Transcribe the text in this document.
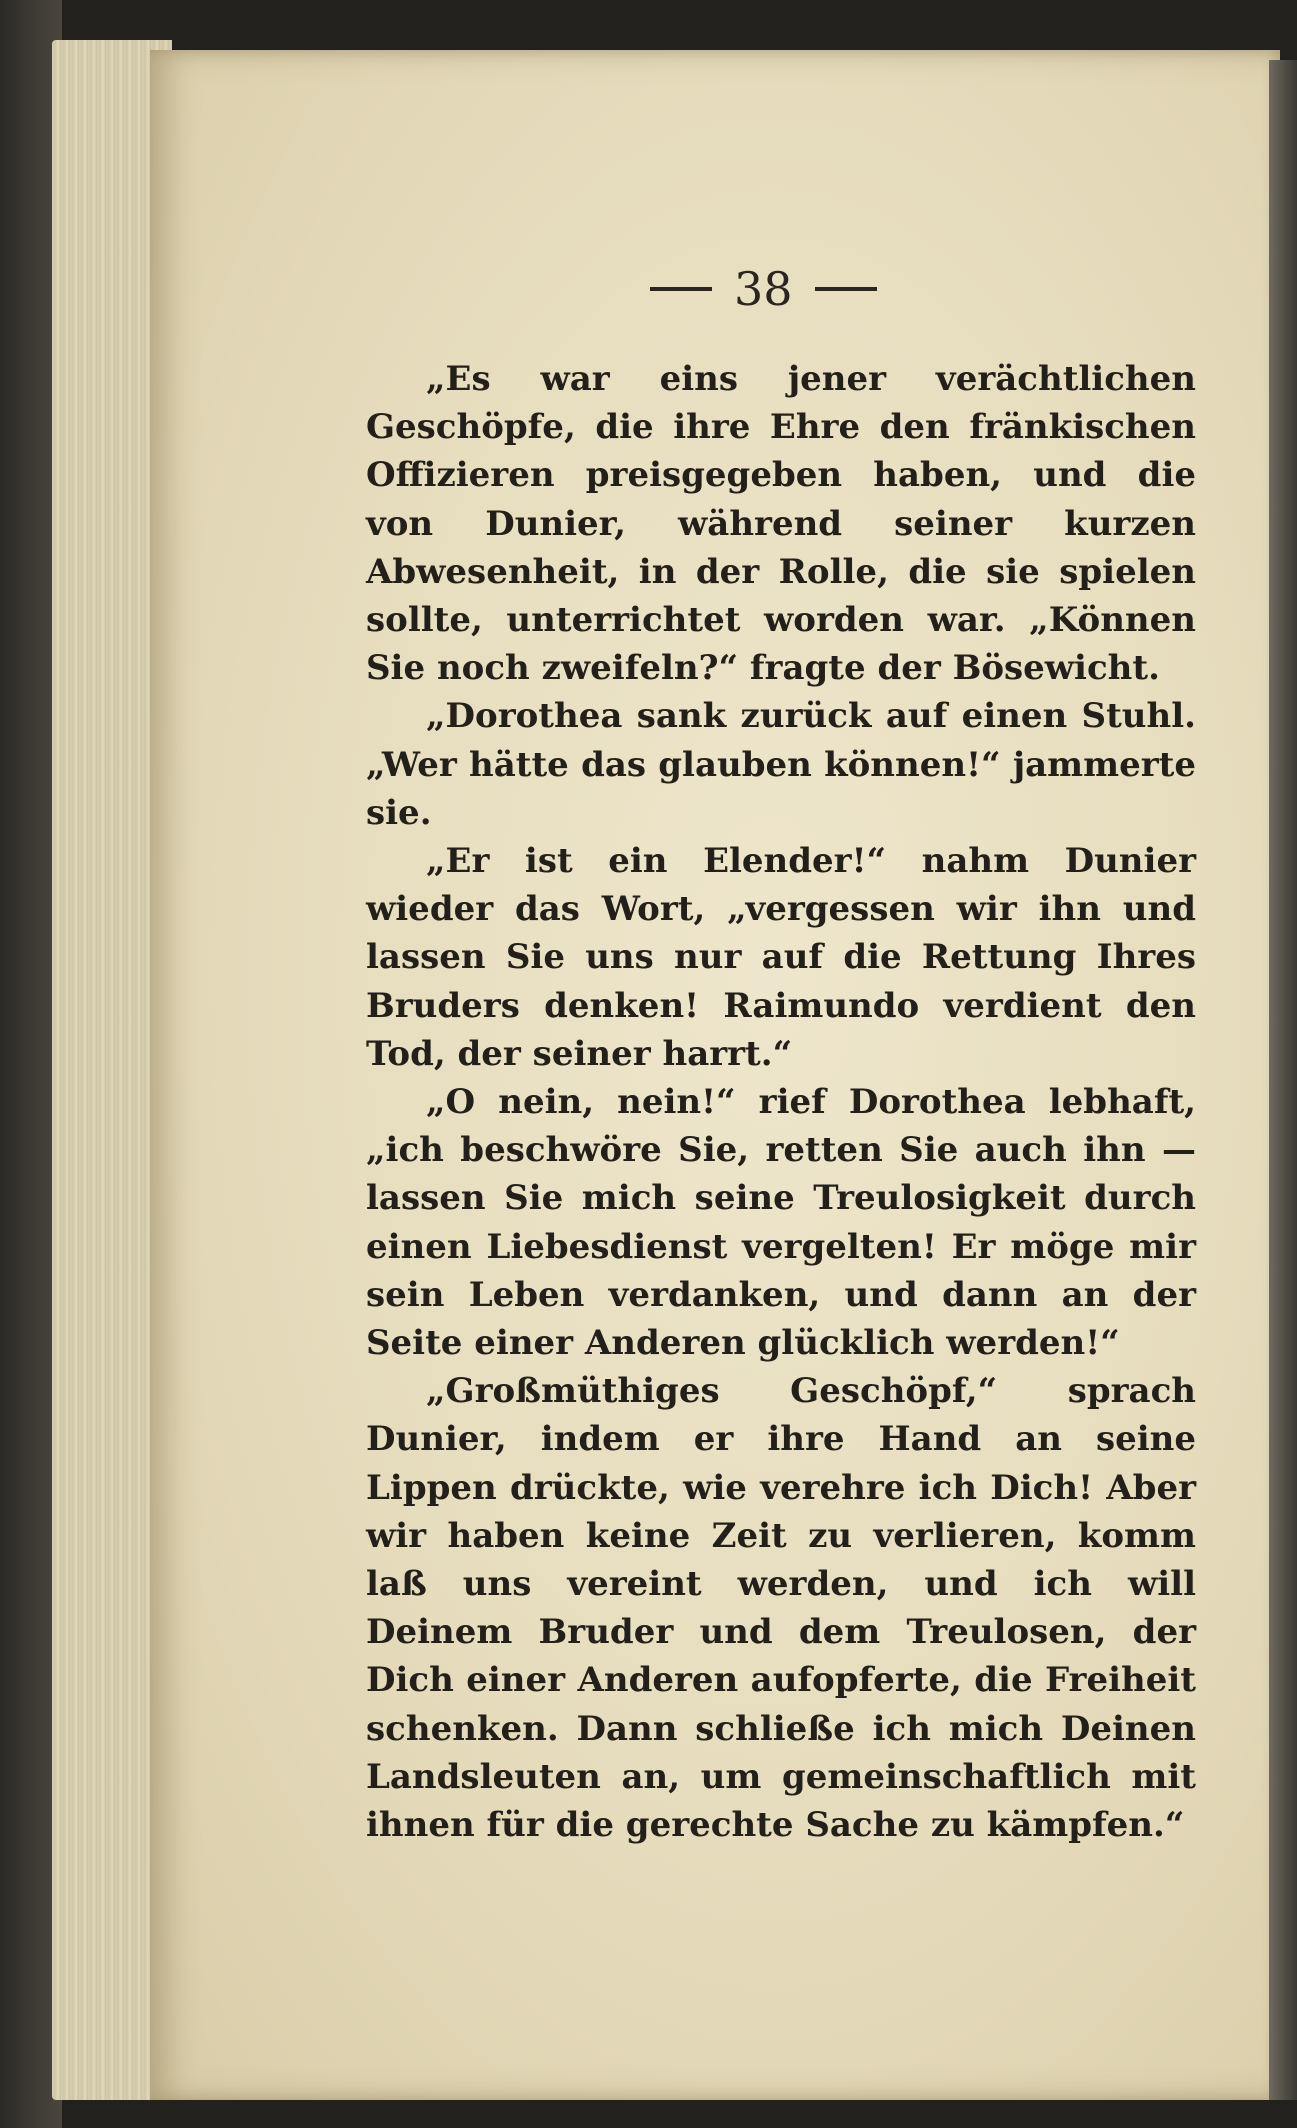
38

„Es war eins jener verächtlichen Geschöpfe, die ihre Ehre den fränkischen Offizieren preisgegeben haben, und die von Dunier, während seiner kurzen Abwesenheit, in der Rolle, die sie spielen sollte, unterrichtet worden war. „Können Sie noch zweifeln?“ fragte der Bösewicht.

„Dorothea sank zurück auf einen Stuhl. „Wer hätte das glauben können!“ jammerte sie.

„Er ist ein Elender!“ nahm Dunier wieder das Wort, „vergessen wir ihn und lassen Sie uns nur auf die Rettung Ihres Bruders denken! Raimundo verdient den Tod, der seiner harrt.“

„O nein, nein!“ rief Dorothea lebhaft, „ich beschwöre Sie, retten Sie auch ihn — lassen Sie mich seine Treulosigkeit durch einen Liebesdienst vergelten! Er möge mir sein Leben verdanken, und dann an der Seite einer Anderen glücklich werden!“

„Großmüthiges Geschöpf,“ sprach Dunier, indem er ihre Hand an seine Lippen drückte, wie verehre ich Dich! Aber wir haben keine Zeit zu verlieren, komm laß uns vereint werden, und ich will Deinem Bruder und dem Treulosen, der Dich einer Anderen aufopferte, die Freiheit schenken. Dann schließe ich mich Deinen Landsleuten an, um gemeinschaftlich mit ihnen für die gerechte Sache zu kämpfen.“
